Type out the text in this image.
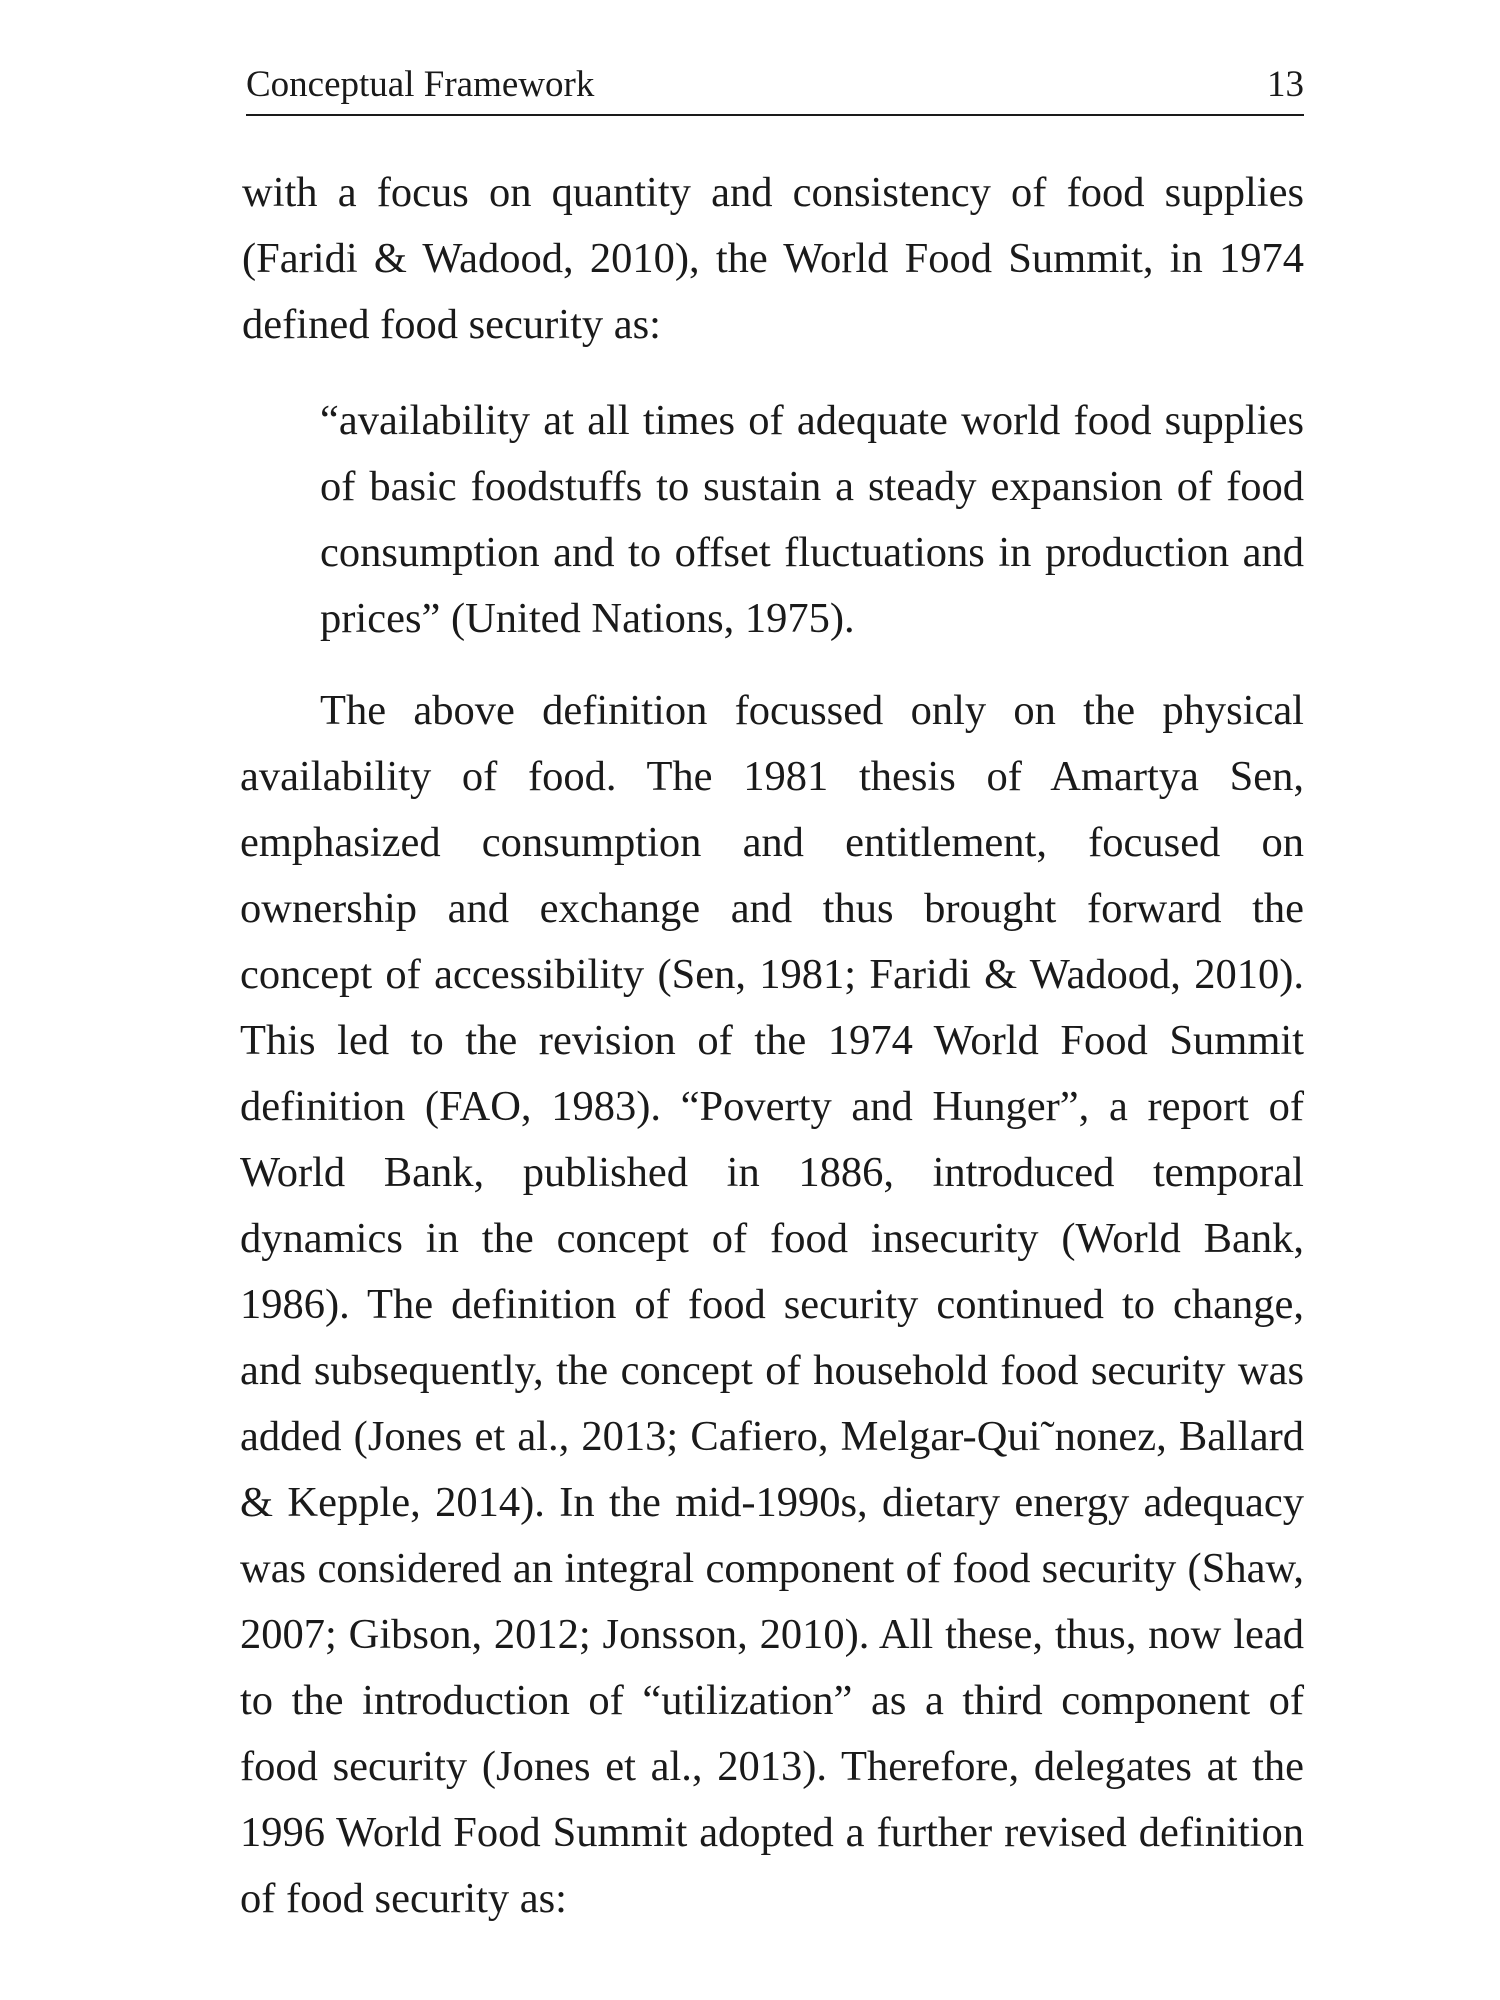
Conceptual Framework	13

with a focus on quantity and consistency of food supplies (Faridi & Wadood, 2010), the World Food Summit, in 1974 defined food security as:

“availability at all times of adequate world food supplies of basic foodstuffs to sustain a steady expansion of food consumption and to offset fluctuations in production and prices” (United Nations, 1975).

The above definition focussed only on the physical availability of food. The 1981 thesis of Amartya Sen, emphasized consumption and entitlement, focused on ownership and exchange and thus brought forward the concept of accessibility (Sen, 1981; Faridi & Wadood, 2010). This led to the revision of the 1974 World Food Summit definition (FAO, 1983). “Poverty and Hunger”, a report of World Bank, published in 1886, introduced temporal dynamics in the concept of food insecurity (World Bank, 1986). The definition of food security continued to change, and subsequently, the concept of household food security was added (Jones et al., 2013; Cafiero, Melgar-Qui˜nonez, Ballard & Kepple, 2014). In the mid-1990s, dietary energy adequacy was considered an integral component of food security (Shaw, 2007; Gibson, 2012; Jonsson, 2010). All these, thus, now lead to the introduction of “utilization” as a third component of food security (Jones et al., 2013). Therefore, delegates at the 1996 World Food Summit adopted a further revised definition of food security as:
